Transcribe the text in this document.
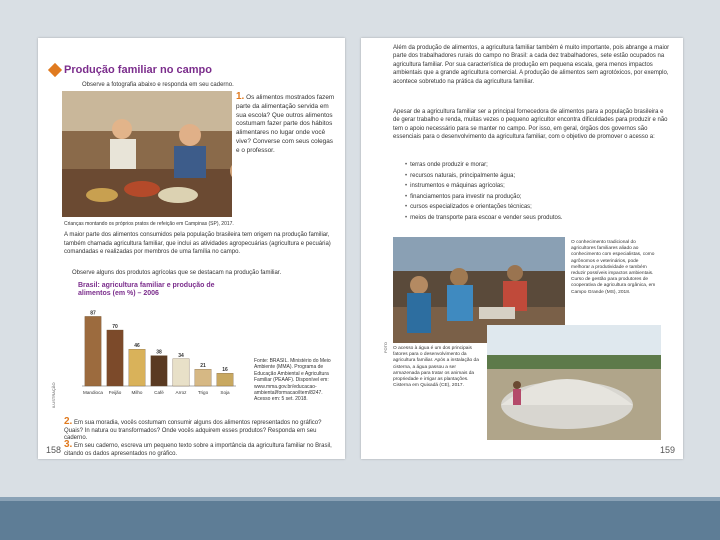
Produção familiar no campo
Observe a fotografia abaixo e responda em seu caderno.
Crianças montando os próprios pratos de refeição em Campinas (SP), 2017.
1. Os alimentos mostrados fazem parte da alimentação servida em sua escola? Que outros alimentos costumam fazer parte dos hábitos alimentares no lugar onde você vive? Converse com seus colegas e o professor.
A maior parte dos alimentos consumidos pela população brasileira tem origem na produção familiar, também chamada agricultura familiar, que inclui as atividades agropecuárias (agricultura e pecuária) comandadas e realizadas por membros de uma família no campo.
Observe alguns dos produtos agrícolas que se destacam na produção familiar.
ILUSTRAÇÃO
Brasil: agricultura familiar e produção de alimentos (em %) – 2006
87
Mandioca
70
Feijão
46
Milho
38
Café
34
Arroz
21
Trigo
16
Soja
Fonte: BRASIL. Ministério do Meio Ambiente (MMA). Programa de Educação Ambiental e Agricultura Familiar (PEAAF). Disponível em: www.mma.gov.br/educacao-ambiental/formacao/item/8247. Acesso em: 5 set. 2018.
2. Em sua moradia, vocês costumam consumir alguns dos alimentos representados no gráfico? Quais? In natura ou transformados? Onde vocês adquirem esses produtos? Responda em seu caderno.
3. Em seu caderno, escreva um pequeno texto sobre a importância da agricultura familiar no Brasil, citando os dados apresentados no gráfico.
158
Além da produção de alimentos, a agricultura familiar também é muito importante, pois abrange a maior parte dos trabalhadores rurais do campo no Brasil: a cada dez trabalhadores, sete estão ocupados na agricultura familiar. Por sua característica de produção em pequena escala, gera menos impactos ambientais que a grande agricultura comercial. A produção de alimentos sem agrotóxicos, por exemplo, acontece sobretudo na prática da agricultura familiar.
Apesar de a agricultura familiar ser a principal fornecedora de alimentos para a população brasileira e de gerar trabalho e renda, muitas vezes o pequeno agricultor encontra dificuldades para produzir e não tem o apoio necessário para se manter no campo. Por isso, em geral, órgãos dos governos são essenciais para o desenvolvimento da agricultura familiar, com o objetivo de promover o acesso a:
• terras onde produzir e morar;
• recursos naturais, principalmente água;
• instrumentos e máquinas agrícolas;
• financiamentos para investir na produção;
• cursos especializados e orientações técnicas;
• meios de transporte para escoar e vender seus produtos.
O conhecimento tradicional do agricultores familiares aliado ao conhecimento com especialistas, como agrônomos e veterinários, pode melhorar a produtividade e também reduzir possíveis impactos ambientais. Curso de gestão para produtores de cooperativa de agricultura orgânica, em Campo Grande (MS), 2018.
O acesso à água é um dos principais fatores para o desenvolvimento da agricultura familiar. Após a instalação da cisterna, a água passou a ser armazenada para tratar os animais da propriedade e irrigar as plantações. Cisterna em Quixadá (CE), 2017.
FOTO
159
